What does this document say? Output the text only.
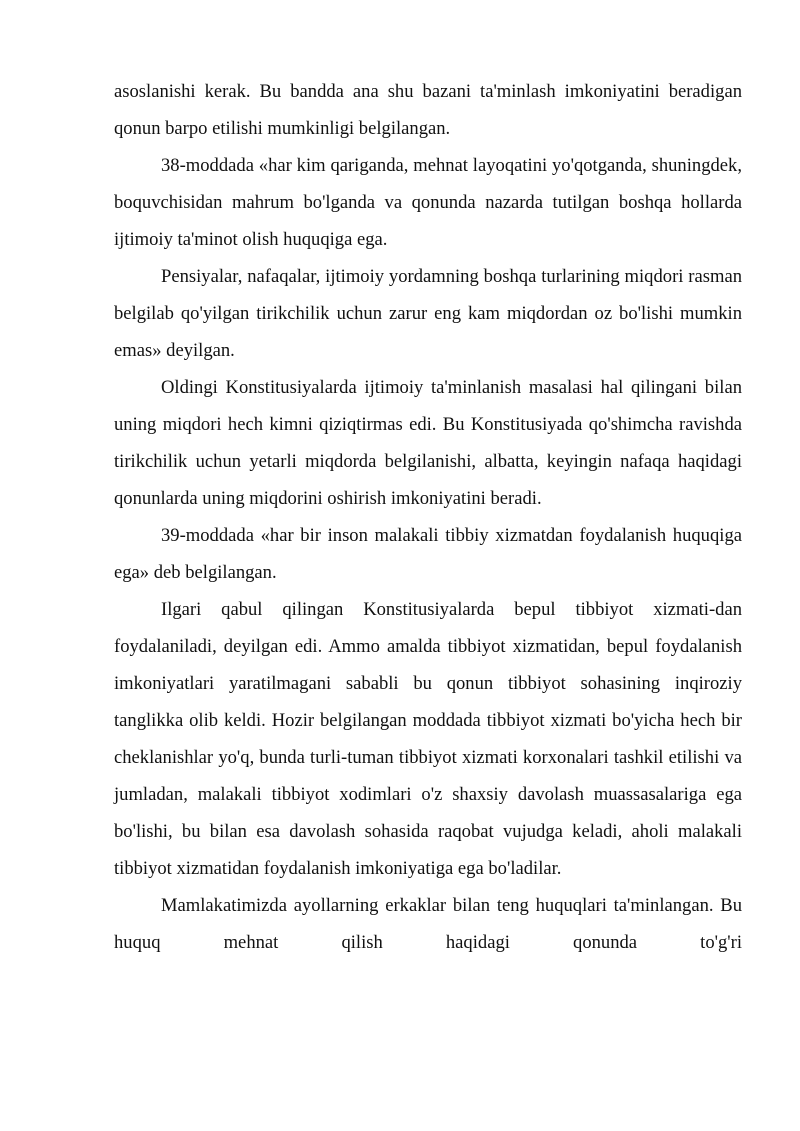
asoslanishi kerak. Bu bandda ana shu bazani ta'minlash imkoniyatini beradigan qonun barpo etilishi mumkinligi belgilangan.

38-moddada «har kim qariganda, mehnat layoqatini yo'qotganda, shuningdek, boquvchisidan mahrum bo'lganda va qonunda nazarda tutilgan boshqa hollarda ijtimoiy ta'minot olish huquqiga ega.

Pensiyalar, nafaqalar, ijtimoiy yordamning boshqa turlarining miqdori rasman belgilab qo'yilgan tirikchilik uchun zarur eng kam miqdordan oz bo'lishi mumkin emas» deyilgan.

Oldingi Konstitusiyalarda ijtimoiy ta'minlanish masalasi hal qilingani bilan uning miqdori hech kimni qiziqtirmas edi. Bu Konstitusiyada qo'shimcha ravishda tirikchilik uchun yetarli miqdorda belgilanishi, albatta, keyingin nafaqa haqidagi qonunlarda uning miqdorini oshirish imkoniyatini beradi.

39-moddada «har bir inson malakali tibbiy xizmatdan foydalanish huquqiga ega» deb belgilangan.

Ilgari qabul qilingan Konstitusiyalarda bepul tibbiyot xizmati-dan foydalaniladi, deyilgan edi. Ammo amalda tibbiyot xizmatidan, bepul foydalanish imkoniyatlari yaratilmagani sababli bu qonun tibbiyot sohasining inqiroziy tanglikka olib keldi. Hozir belgilangan moddada tibbiyot xizmati bo'yicha hech bir cheklanishlar yo'q, bunda turli-tuman tibbiyot xizmati korxonalari tashkil etilishi va jumladan, malakali tibbiyot xodimlari o'z shaxsiy davolash muassasalariga ega bo'lishi, bu bilan esa davolash sohasida raqobat vujudga keladi, aholi malakali tibbiyot xizmatidan foydalanish imkoniyatiga ega bo'ladilar.

Mamlakatimizda ayollarning erkaklar bilan teng huquqlari ta'minlangan. Bu huquq mehnat qilish haqidagi qonunda to'g'ri
